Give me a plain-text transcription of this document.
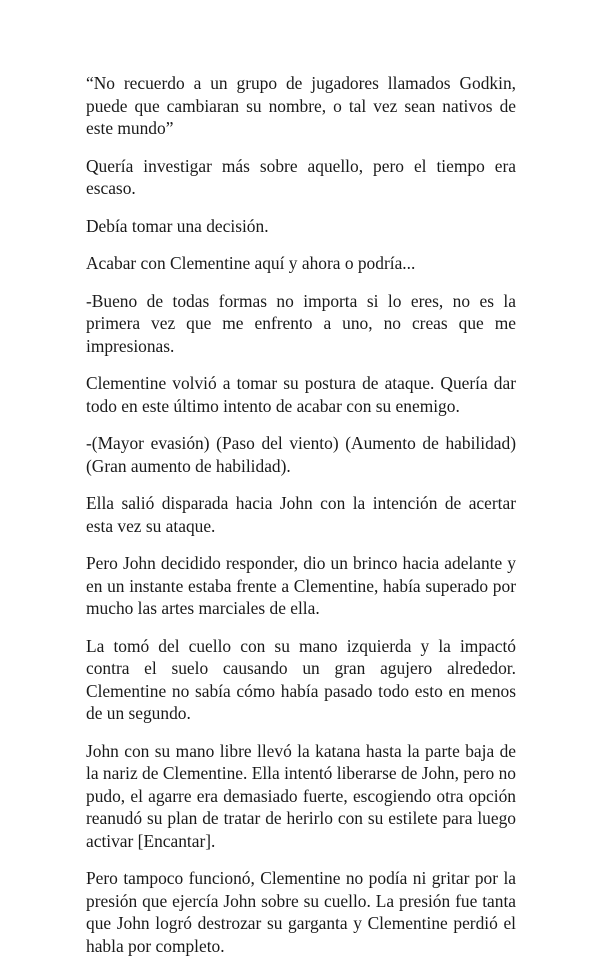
“No recuerdo a un grupo de jugadores llamados Godkin, puede que cambiaran su nombre, o tal vez sean nativos de este mundo”

Quería investigar más sobre aquello, pero el tiempo era escaso.

Debía tomar una decisión.

Acabar con Clementine aquí y ahora o podría...

-Bueno de todas formas no importa si lo eres, no es la primera vez que me enfrento a uno, no creas que me impresionas.

Clementine volvió a tomar su postura de ataque. Quería dar todo en este último intento de acabar con su enemigo.

-(Mayor evasión) (Paso del viento) (Aumento de habilidad) (Gran aumento de habilidad).

Ella salió disparada hacia John con la intención de acertar esta vez su ataque.

Pero John decidido responder, dio un brinco hacia adelante y en un instante estaba frente a Clementine, había superado por mucho las artes marciales de ella.

La tomó del cuello con su mano izquierda y la impactó contra el suelo causando un gran agujero alrededor. Clementine no sabía cómo había pasado todo esto en menos de un segundo.

John con su mano libre llevó la katana hasta la parte baja de la nariz de Clementine. Ella intentó liberarse de John, pero no pudo, el agarre era demasiado fuerte, escogiendo otra opción reanudó su plan de tratar de herirlo con su estilete para luego activar [Encantar].

Pero tampoco funcionó, Clementine no podía ni gritar por la presión que ejercía John sobre su cuello. La presión fue tanta que John logró destrozar su garganta y Clementine perdió el habla por completo.
